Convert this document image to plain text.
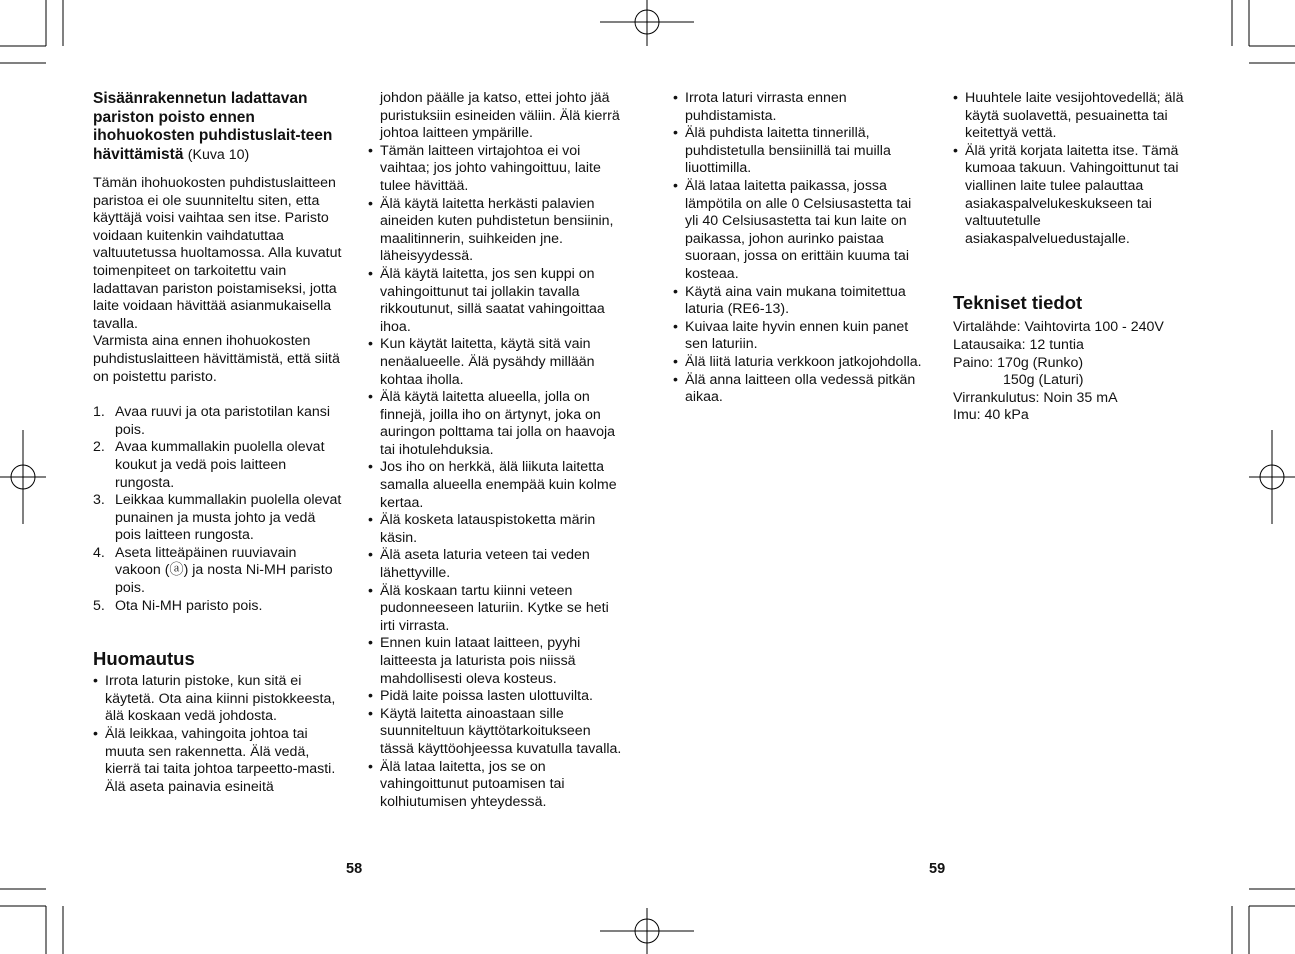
Sisäänrakennetun ladattavan pariston poisto ennen ihohuokosten puhdistuslait-teen hävittämistä (Kuva 10)

Tämän ihohuokosten puhdistuslaitteen paristoa ei ole suunniteltu siten, etta käyttäjä voisi vaihtaa sen itse. Paristo voidaan kuitenkin vaihdatuttaa valtuutetussa huoltamossa. Alla kuvatut toimenpiteet on tarkoitettu vain ladattavan pariston poistamiseksi, jotta laite voidaan hävittää asianmukaisella tavalla.

Varmista aina ennen ihohuokosten puhdistuslaitteen hävittämistä, että siitä on poistettu paristo.

1. Avaa ruuvi ja ota paristotilan kansi pois.
2. Avaa kummallakin puolella olevat koukut ja vedä pois laitteen rungosta.
3. Leikkaa kummallakin puolella olevat punainen ja musta johto ja vedä pois laitteen rungosta.
4. Aseta litteäpäinen ruuviavain vakoon (ⓐ) ja nosta Ni-MH paristo pois.
5. Ota Ni-MH paristo pois.
Huomautus
• Irrota laturin pistoke, kun sitä ei käytetä. Ota aina kiinni pistokkeesta, älä koskaan vedä johdosta.
• Älä leikkaa, vahingoita johtoa tai muuta sen rakennetta. Älä vedä, kierrä tai taita johtoa tarpeetto-masti. Älä aseta painavia esineitä

johdon päälle ja katso, ettei johto jää puristuksiin esineiden väliin. Älä kierrä johtoa laitteen ympärille.

• Tämän laitteen virtajohtoa ei voi vaihtaa; jos johto vahingoittuu, laite tulee hävittää.
• Älä käytä laitetta herkästi palavien aineiden kuten puhdistetun bensiinin, maalitinnerin, suihkeiden jne. läheisyydessä.
• Älä käytä laitetta, jos sen kuppi on vahingoittunut tai jollakin tavalla rikkoutunut, sillä saatat vahingoittaa ihoa.
• Kun käytät laitetta, käytä sitä vain nenäalueelle. Älä pysähdy millään kohtaa iholla.
• Älä käytä laitetta alueella, jolla on finnejä, joilla iho on ärtynyt, joka on auringon polttama tai jolla on haavoja tai ihotulehduksia.
• Jos iho on herkkä, älä liikuta laitetta samalla alueella enempää kuin kolme kertaa.
• Älä kosketa latauspistoketta märin käsin.
• Älä aseta laturia veteen tai veden lähettyville.
• Älä koskaan tartu kiinni veteen pudonneeseen laturiin. Kytke se heti irti virrasta.
• Ennen kuin lataat laitteen, pyyhi laitteesta ja laturista pois niissä mahdollisesti oleva kosteus.
• Pidä laite poissa lasten ulottuvilta.
• Käytä laitetta ainoastaan sille suunniteltuun käyttötarkoitukseen tässä käyttöohjeessa kuvatulla tavalla.
• Älä lataa laitetta, jos se on vahingoittunut putoamisen tai kolhiutumisen yhteydessä.
58
• Irrota laturi virrasta ennen puhdistamista.
• Älä puhdista laitetta tinnerillä, puhdistetulla bensiinillä tai muilla liuottimilla.
• Älä lataa laitetta paikassa, jossa lämpötila on alle 0 Celsiusastetta tai yli 40 Celsiusastetta tai kun laite on paikassa, johon aurinko paistaa suoraan, jossa on erittäin kuuma tai kosteaa.
• Käytä aina vain mukana toimitettua laturia (RE6-13).
• Kuivaa laite hyvin ennen kuin panet sen laturiin.
• Älä liitä laturia verkkoon jatkojohdolla.
• Älä anna laitteen olla vedessä pitkän aikaa.
• Huuhtele laite vesijohtovedellä; älä käytä suolavettä, pesuainetta tai keitettyä vettä.
• Älä yritä korjata laitetta itse. Tämä kumoaa takuun. Vahingoittunut tai viallinen laite tulee palauttaa asiakaspalvelukeskukseen tai valtuutetulle asiakaspalveluedustajalle.
Tekniset tiedot
Virtalähde: Vaihtovirta 100 - 240V
Latausaika: 12 tuntia
Paino: 170g (Runko)
150g (Laturi)
Virrankulutus: Noin 35 mA
Imu: 40 kPa
59
